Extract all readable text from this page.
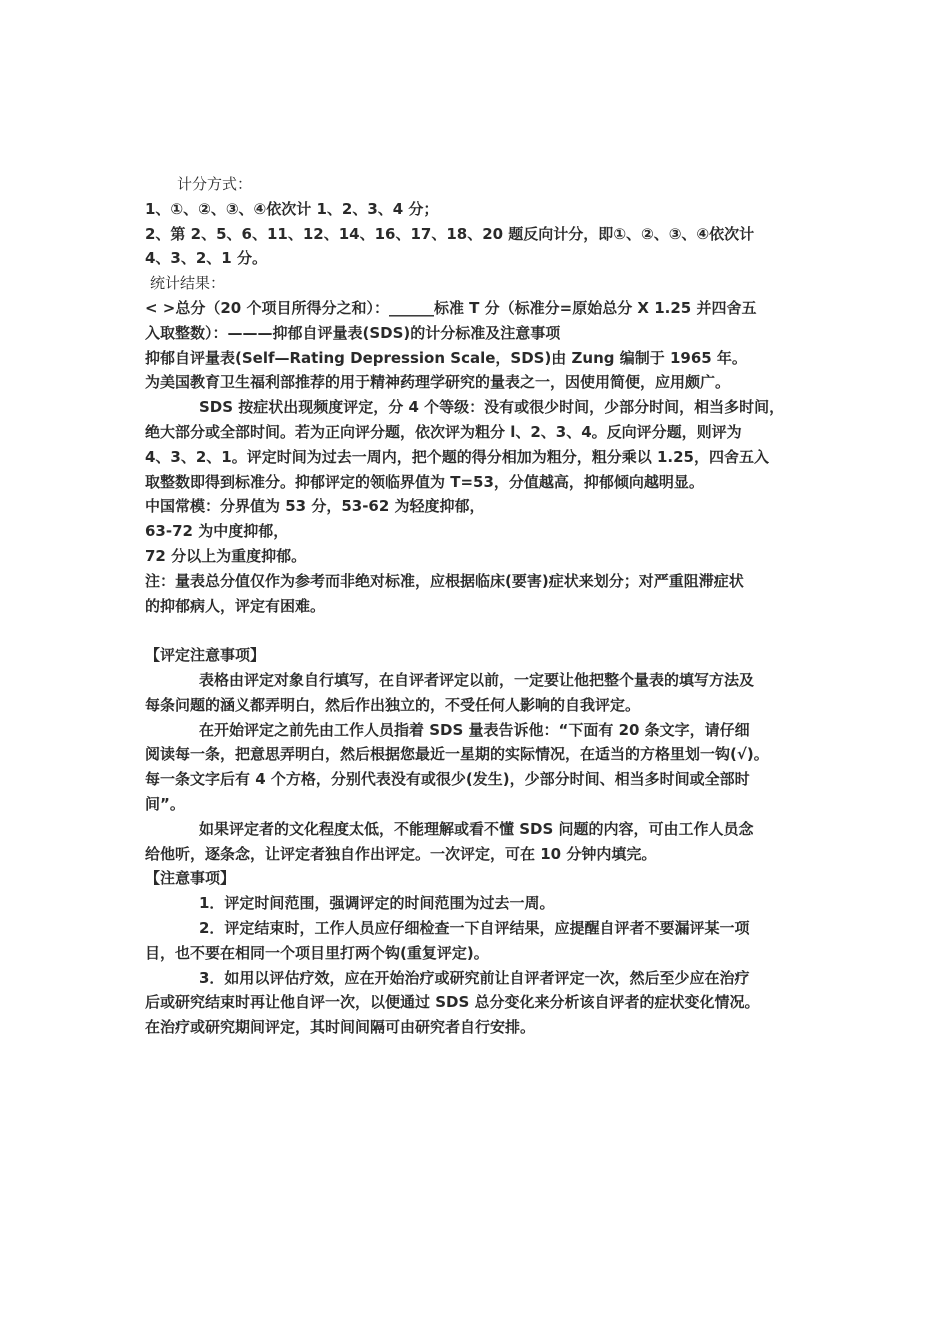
计分方式：
1、①、②、③、④依次计 1、2、3、4 分；
2、第 2、5、6、11、12、14、16、17、18、20 题反向计分，即①、②、③、④依次计
4、3、2、1 分。
统计结果：
< >总分（20 个项目所得分之和）：______标准 T 分（标准分=原始总分 X 1.25 并四舍五
入取整数）：———抑郁自评量表(SDS)的计分标准及注意事项
抑郁自评量表(Self—Rating Depression Scale，SDS)由 Zung 编制于 1965 年。
为美国教育卫生福利部推荐的用于精神药理学研究的量表之一，因使用简便，应用颇广。
SDS 按症状出现频度评定，分 4 个等级：没有或很少时间，少部分时间，相当多时间，
绝大部分或全部时间。若为正向评分题，依次评为粗分 l、2、3、4。反向评分题，则评为
4、3、2、1。评定时间为过去一周内，把个题的得分相加为粗分，粗分乘以 1.25，四舍五入
取整数即得到标准分。抑郁评定的领临界值为 T=53，分值越高，抑郁倾向越明显。
中国常模：分界值为 53 分，53-62 为轻度抑郁，
63-72 为中度抑郁，
72 分以上为重度抑郁。
注：量表总分值仅作为参考而非绝对标准，应根据临床(要害)症状来划分；对严重阻滞症状
的抑郁病人，评定有困难。
【评定注意事项】
表格由评定对象自行填写，在自评者评定以前，一定要让他把整个量表的填写方法及
每条问题的涵义都弄明白，然后作出独立的，不受任何人影响的自我评定。
在开始评定之前先由工作人员指着 SDS 量表告诉他：“下面有 20 条文字，请仔细
阅读每一条，把意思弄明白，然后根据您最近一星期的实际情况，在适当的方格里划一钩(√)。
每一条文字后有 4 个方格，分别代表没有或很少(发生)，少部分时间、相当多时间或全部时
间”。
如果评定者的文化程度太低，不能理解或看不懂 SDS 问题的内容，可由工作人员念
给他听，逐条念，让评定者独自作出评定。一次评定，可在 10 分钟内填完。
【注意事项】
1．评定时间范围，强调评定的时间范围为过去一周。
2．评定结束时，工作人员应仔细检查一下自评结果，应提醒自评者不要漏评某一项
目，也不要在相同一个项目里打两个钩(重复评定)。
3．如用以评估疗效，应在开始治疗或研究前让自评者评定一次，然后至少应在治疗
后或研究结束时再让他自评一次，以便通过 SDS 总分变化来分析该自评者的症状变化情况。
在治疗或研究期间评定，其时间间隔可由研究者自行安排。
